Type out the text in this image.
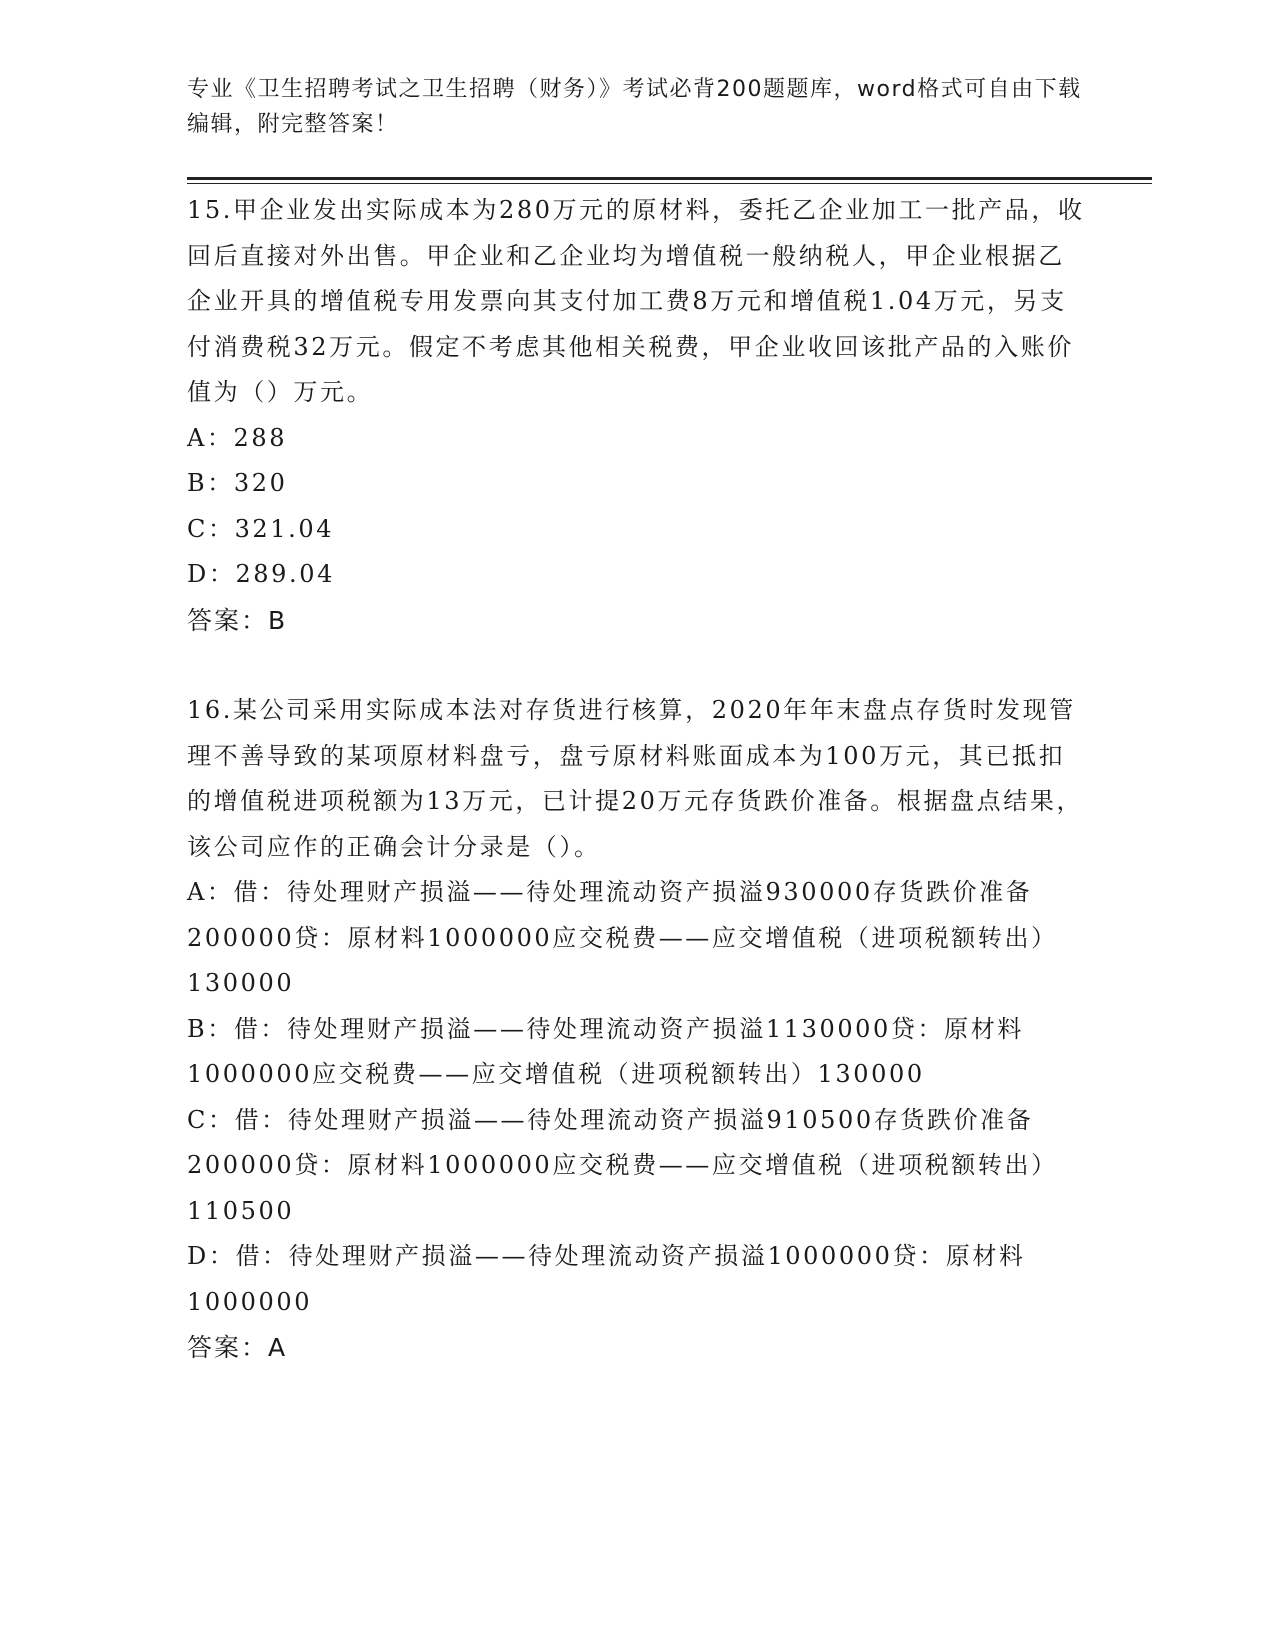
专业《卫生招聘考试之卫生招聘（财务）》考试必背200题题库，word格式可自由下载编辑，附完整答案！

15.甲企业发出实际成本为280万元的原材料，委托乙企业加工一批产品，收回后直接对外出售。甲企业和乙企业均为增值税一般纳税人，甲企业根据乙企业开具的增值税专用发票向其支付加工费8万元和增值税1.04万元，另支付消费税32万元。假定不考虑其他相关税费，甲企业收回该批产品的入账价值为（）万元。

A：288

B：320

C：321.04

D：289.04

答案：B

16.某公司采用实际成本法对存货进行核算，2020年年末盘点存货时发现管理不善导致的某项原材料盘亏，盘亏原材料账面成本为100万元，其已抵扣的增值税进项税额为13万元，已计提20万元存货跌价准备。根据盘点结果，该公司应作的正确会计分录是（）。

A：借：待处理财产损溢——待处理流动资产损溢930000存货跌价准备200000贷：原材料1000000应交税费——应交增值税（进项税额转出）130000

B：借：待处理财产损溢——待处理流动资产损溢1130000贷：原材料1000000应交税费——应交增值税（进项税额转出）130000

C：借：待处理财产损溢——待处理流动资产损溢910500存货跌价准备200000贷：原材料1000000应交税费——应交增值税（进项税额转出）110500

D：借：待处理财产损溢——待处理流动资产损溢1000000贷：原材料1000000

答案：A
